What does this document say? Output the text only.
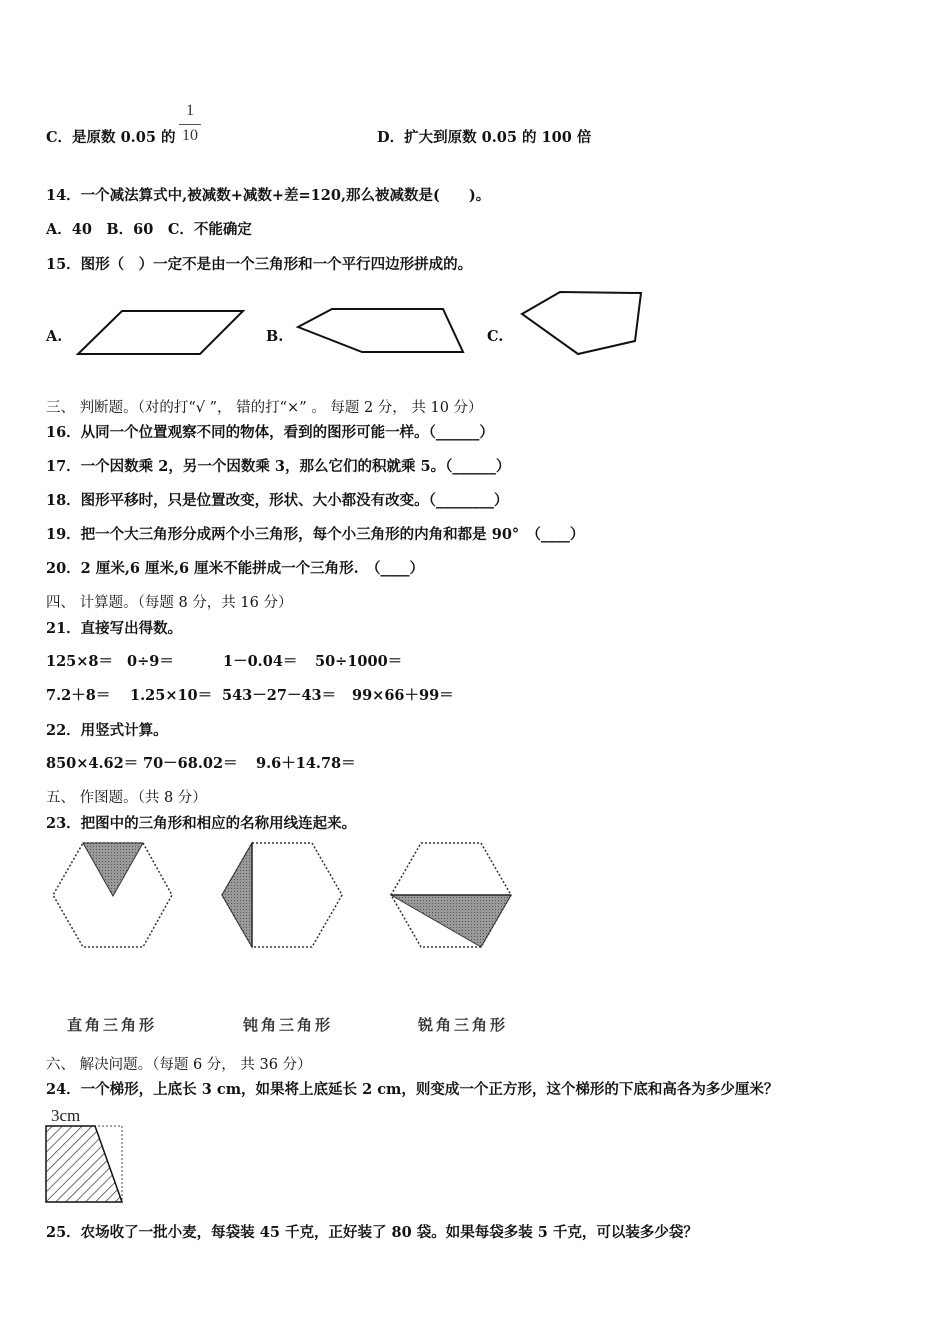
C．是原数 0.05 的
1
10	D．扩大到原数 0.05 的 100 倍
14．一个减法算式中,被减数+减数+差=120,那么被减数是(　　)。
A．40　B．60　C．不能确定
15．图形（　）一定不是由一个三角形和一个平行四边形拼成的。
A.	B.	C.
三、 判断题。（对的打“√ ”， 错的打“×” 。 每题 2 分， 共 10 分）
16．从同一个位置观察不同的物体，看到的图形可能一样。（______）
17．一个因数乘 2，另一个因数乘 3，那么它们的积就乘 5。（______）
18．图形平移时，只是位置改变，形状、大小都没有改变。（________）
19．把一个大三角形分成两个小三角形，每个小三角形的内角和都是 90°　（____）
20．2 厘米,6 厘米,6 厘米不能拼成一个三角形.　（____）
四、 计算题。（每题 8 分，共 16 分）
21．直接写出得数。
125×8＝ 0÷9＝	1－0.04＝ 50÷1000＝
7.2＋8＝ 1.25×10＝ 543－27－43＝ 99×66＋99＝
22．用竖式计算。
850×4.62＝ 70－68.02＝ 9.6＋14.78＝
五、 作图题。（共 8 分）
23．把图中的三角形和相应的名称用线连起来。
直角三角形	钝角三角形	锐角三角形
六、 解决问题。（每题 6 分， 共 36 分）
24．一个梯形，上底长 3 cm，如果将上底延长 2 cm，则变成一个正方形，这个梯形的下底和高各为多少厘米？
3cm
25．农场收了一批小麦，每袋装 45 千克，正好装了 80 袋。如果每袋多装 5 千克，可以装多少袋？
